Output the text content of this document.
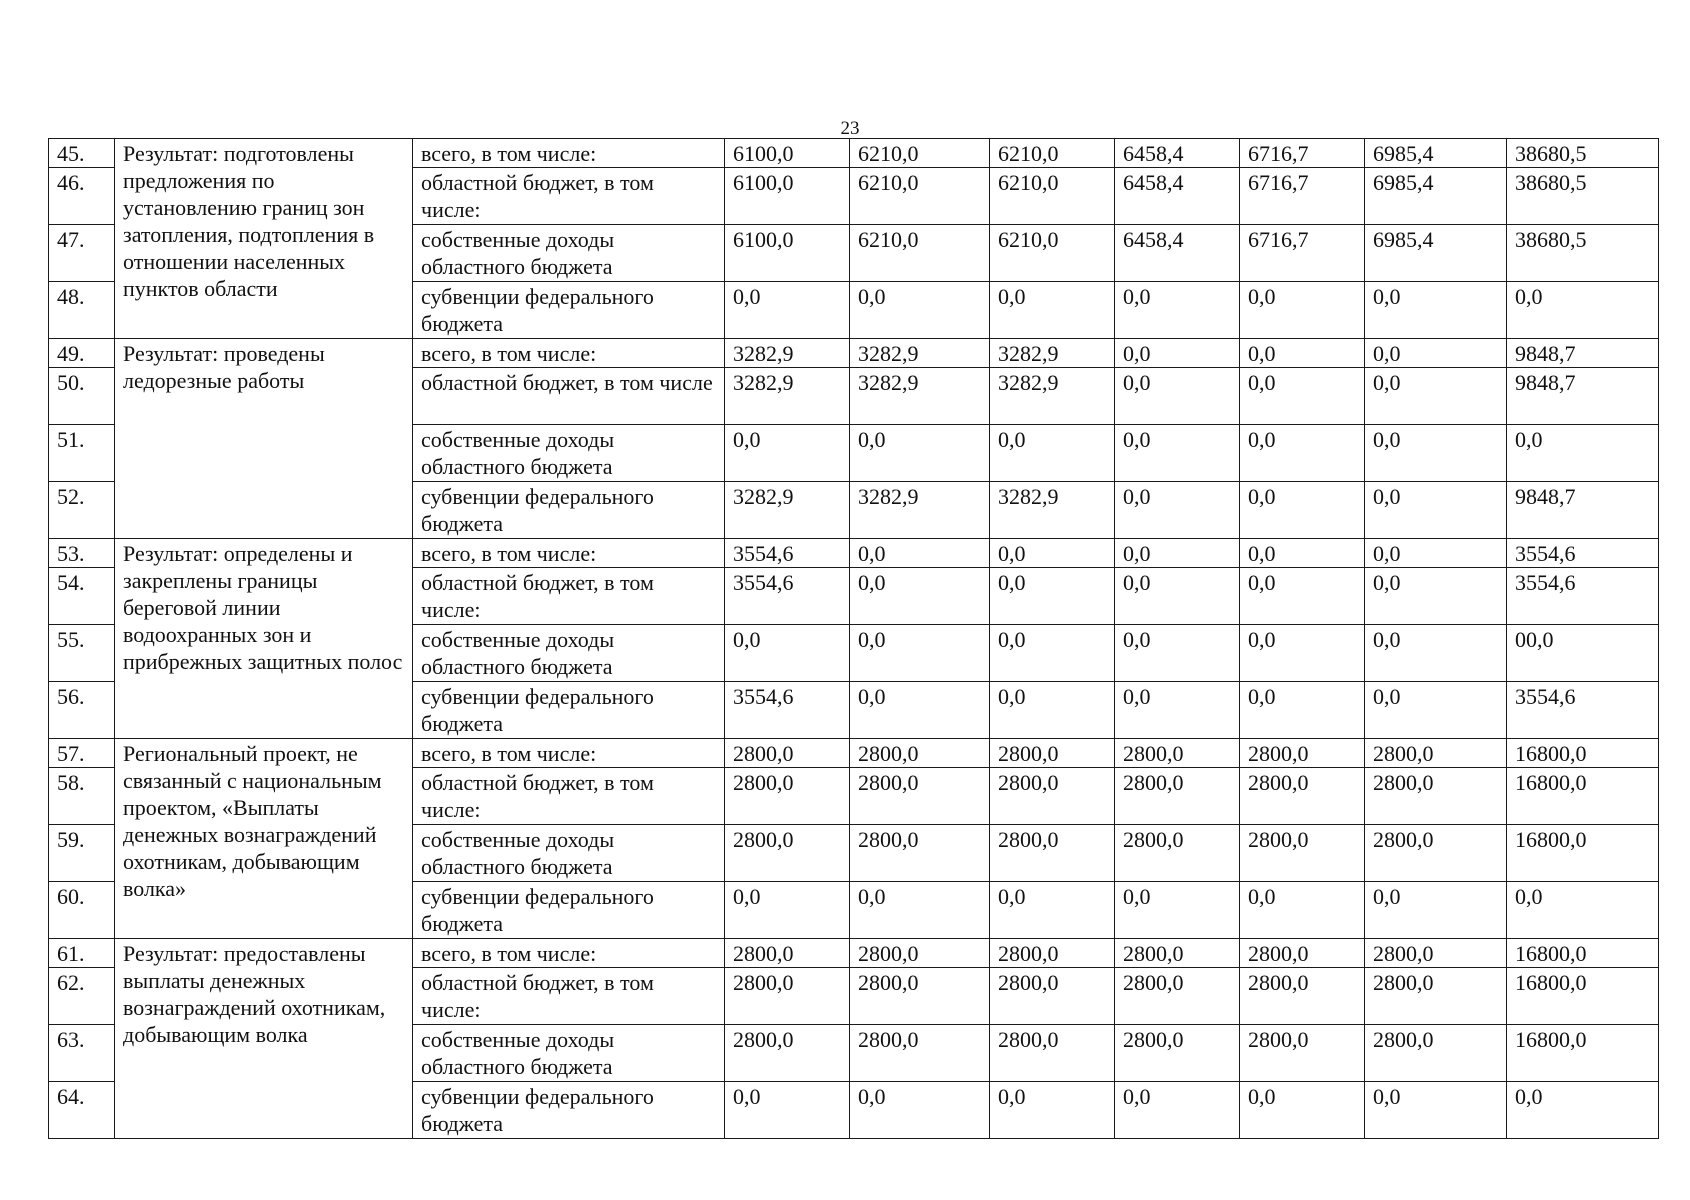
23
45.	Результат: подготовлены предложения по установлению границ зон затопления, подтопления в отношении населенных пунктов области	всего, в том числе:	6100,0	6210,0	6210,0	6458,4	6716,7	6985,4	38680,5
46.		областной бюджет, в том числе:	6100,0	6210,0	6210,0	6458,4	6716,7	6985,4	38680,5
47.		собственные доходы областного бюджета	6100,0	6210,0	6210,0	6458,4	6716,7	6985,4	38680,5
48.		субвенции федерального бюджета	0,0	0,0	0,0	0,0	0,0	0,0	0,0
49.	Результат: проведены ледорезные работы	всего, в том числе:	3282,9	3282,9	3282,9	0,0	0,0	0,0	9848,7
50.		областной бюджет, в том числе	3282,9	3282,9	3282,9	0,0	0,0	0,0	9848,7
51.		собственные доходы областного бюджета	0,0	0,0	0,0	0,0	0,0	0,0	0,0
52.		субвенции федерального бюджета	3282,9	3282,9	3282,9	0,0	0,0	0,0	9848,7
53.	Результат: определены и закреплены границы береговой линии водоохранных зон и прибрежных защитных полос	всего, в том числе:	3554,6	0,0	0,0	0,0	0,0	0,0	3554,6
54.		областной бюджет, в том числе:	3554,6	0,0	0,0	0,0	0,0	0,0	3554,6
55.		собственные доходы областного бюджета	0,0	0,0	0,0	0,0	0,0	0,0	00,0
56.		субвенции федерального бюджета	3554,6	0,0	0,0	0,0	0,0	0,0	3554,6
57.	Региональный проект, не связанный с национальным проектом, «Выплаты денежных вознаграждений охотникам, добывающим волка»	всего, в том числе:	2800,0	2800,0	2800,0	2800,0	2800,0	2800,0	16800,0
58.		областной бюджет, в том числе:	2800,0	2800,0	2800,0	2800,0	2800,0	2800,0	16800,0
59.		собственные доходы областного бюджета	2800,0	2800,0	2800,0	2800,0	2800,0	2800,0	16800,0
60.		субвенции федерального бюджета	0,0	0,0	0,0	0,0	0,0	0,0	0,0
61.	Результат: предоставлены выплаты денежных вознаграждений охотникам, добывающим волка	всего, в том числе:	2800,0	2800,0	2800,0	2800,0	2800,0	2800,0	16800,0
62.		областной бюджет, в том числе:	2800,0	2800,0	2800,0	2800,0	2800,0	2800,0	16800,0
63.		собственные доходы областного бюджета	2800,0	2800,0	2800,0	2800,0	2800,0	2800,0	16800,0
64.		субвенции федерального бюджета	0,0	0,0	0,0	0,0	0,0	0,0	0,0
